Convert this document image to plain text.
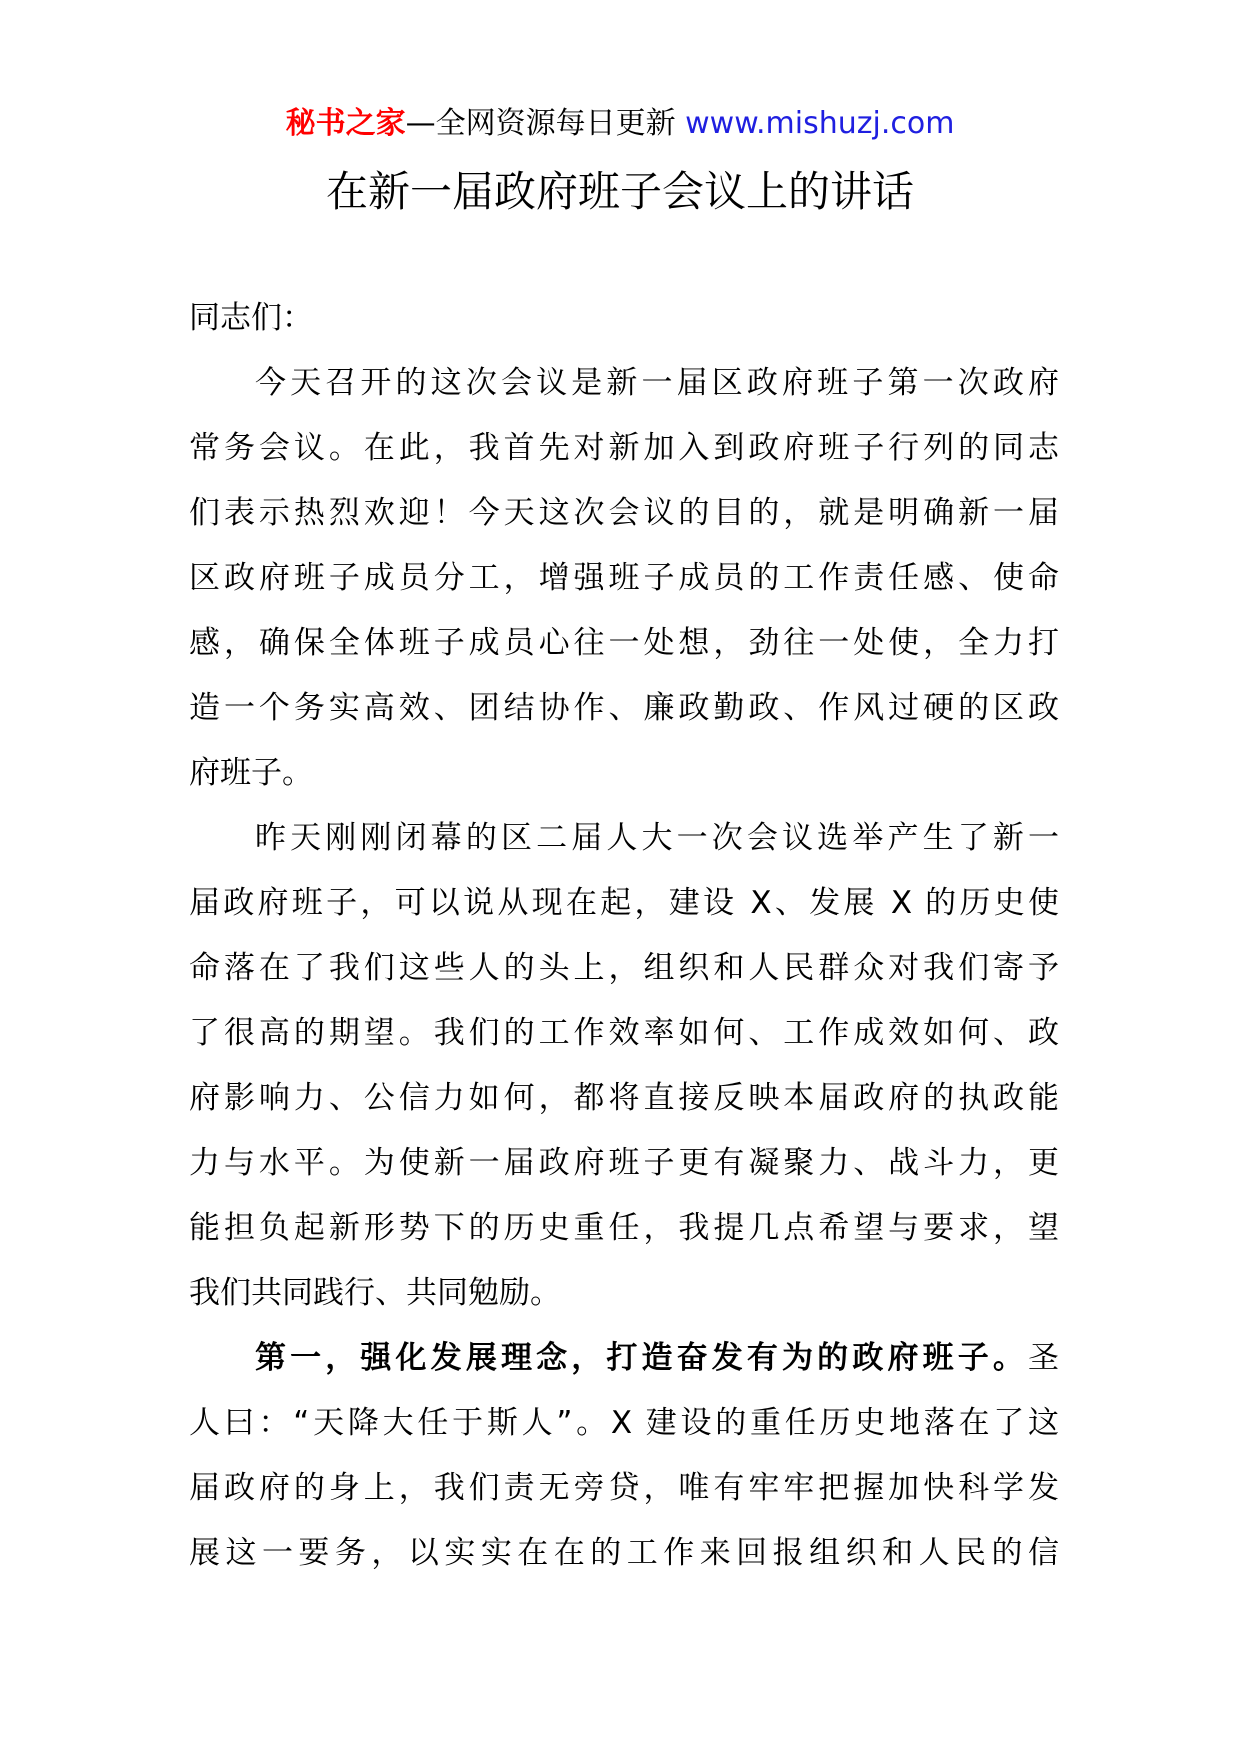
秘书之家—全网资源每日更新 www.mishuzj.com
在新一届政府班子会议上的讲话
同志们：
今天召开的这次会议是新一届区政府班子第一次政府
常务会议。在此，我首先对新加入到政府班子行列的同志
们表示热烈欢迎！今天这次会议的目的，就是明确新一届
区政府班子成员分工，增强班子成员的工作责任感、使命
感，确保全体班子成员心往一处想，劲往一处使，全力打
造一个务实高效、团结协作、廉政勤政、作风过硬的区政
府班子。
昨天刚刚闭幕的区二届人大一次会议选举产生了新一
届政府班子，可以说从现在起，建设 X、发展 X 的历史使
命落在了我们这些人的头上，组织和人民群众对我们寄予
了很高的期望。我们的工作效率如何、工作成效如何、政
府影响力、公信力如何，都将直接反映本届政府的执政能
力与水平。为使新一届政府班子更有凝聚力、战斗力，更
能担负起新形势下的历史重任，我提几点希望与要求，望
我们共同践行、共同勉励。
第一，强化发展理念，打造奋发有为的政府班子。圣
人曰：“天降大任于斯人”。X 建设的重任历史地落在了这
届政府的身上，我们责无旁贷，唯有牢牢把握加快科学发
展这一要务，以实实在在的工作来回报组织和人民的信
